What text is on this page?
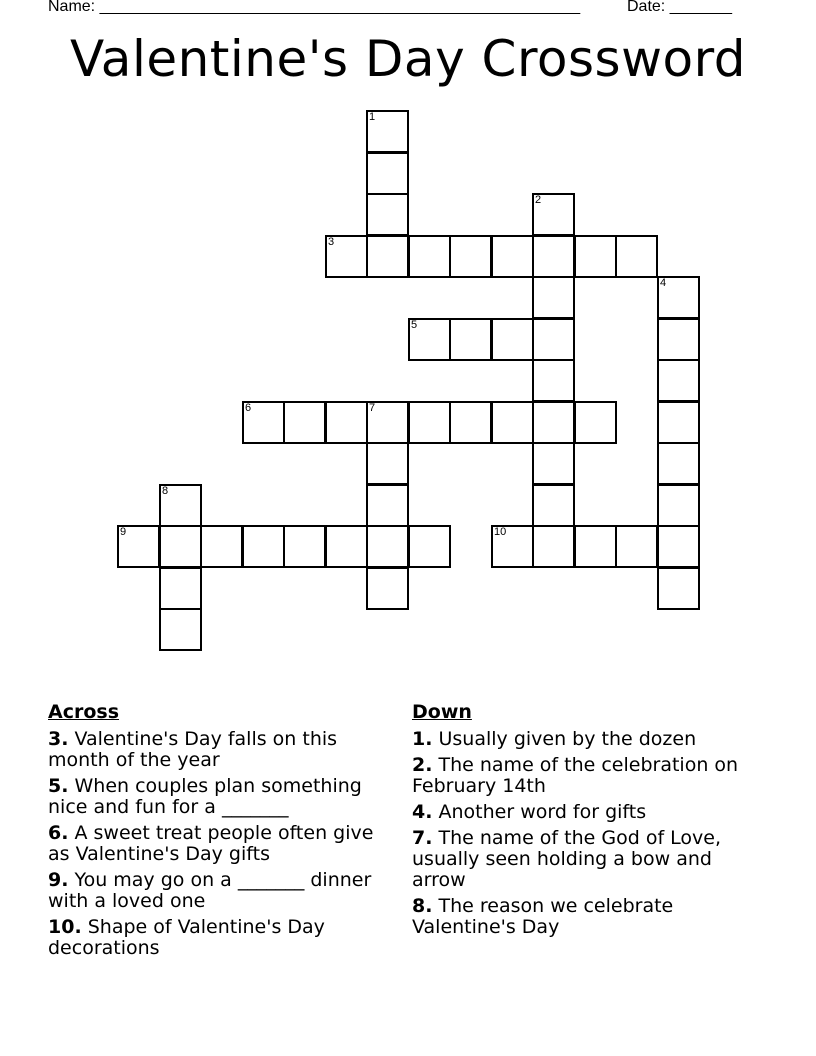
Name: ______________________________________________________	Date: _______
Valentine's Day Crossword
1
2
3
4
5
6	7
8
9	10
Across
3. Valentine's Day falls on this month of the year
5. When couples plan something nice and fun for a _______
6. A sweet treat people often give as Valentine's Day gifts
9. You may go on a _______ dinner with a loved one
10. Shape of Valentine's Day decorations
Down
1. Usually given by the dozen
2. The name of the celebration on February 14th
4. Another word for gifts
7. The name of the God of Love, usually seen holding a bow and arrow
8. The reason we celebrate Valentine's Day
